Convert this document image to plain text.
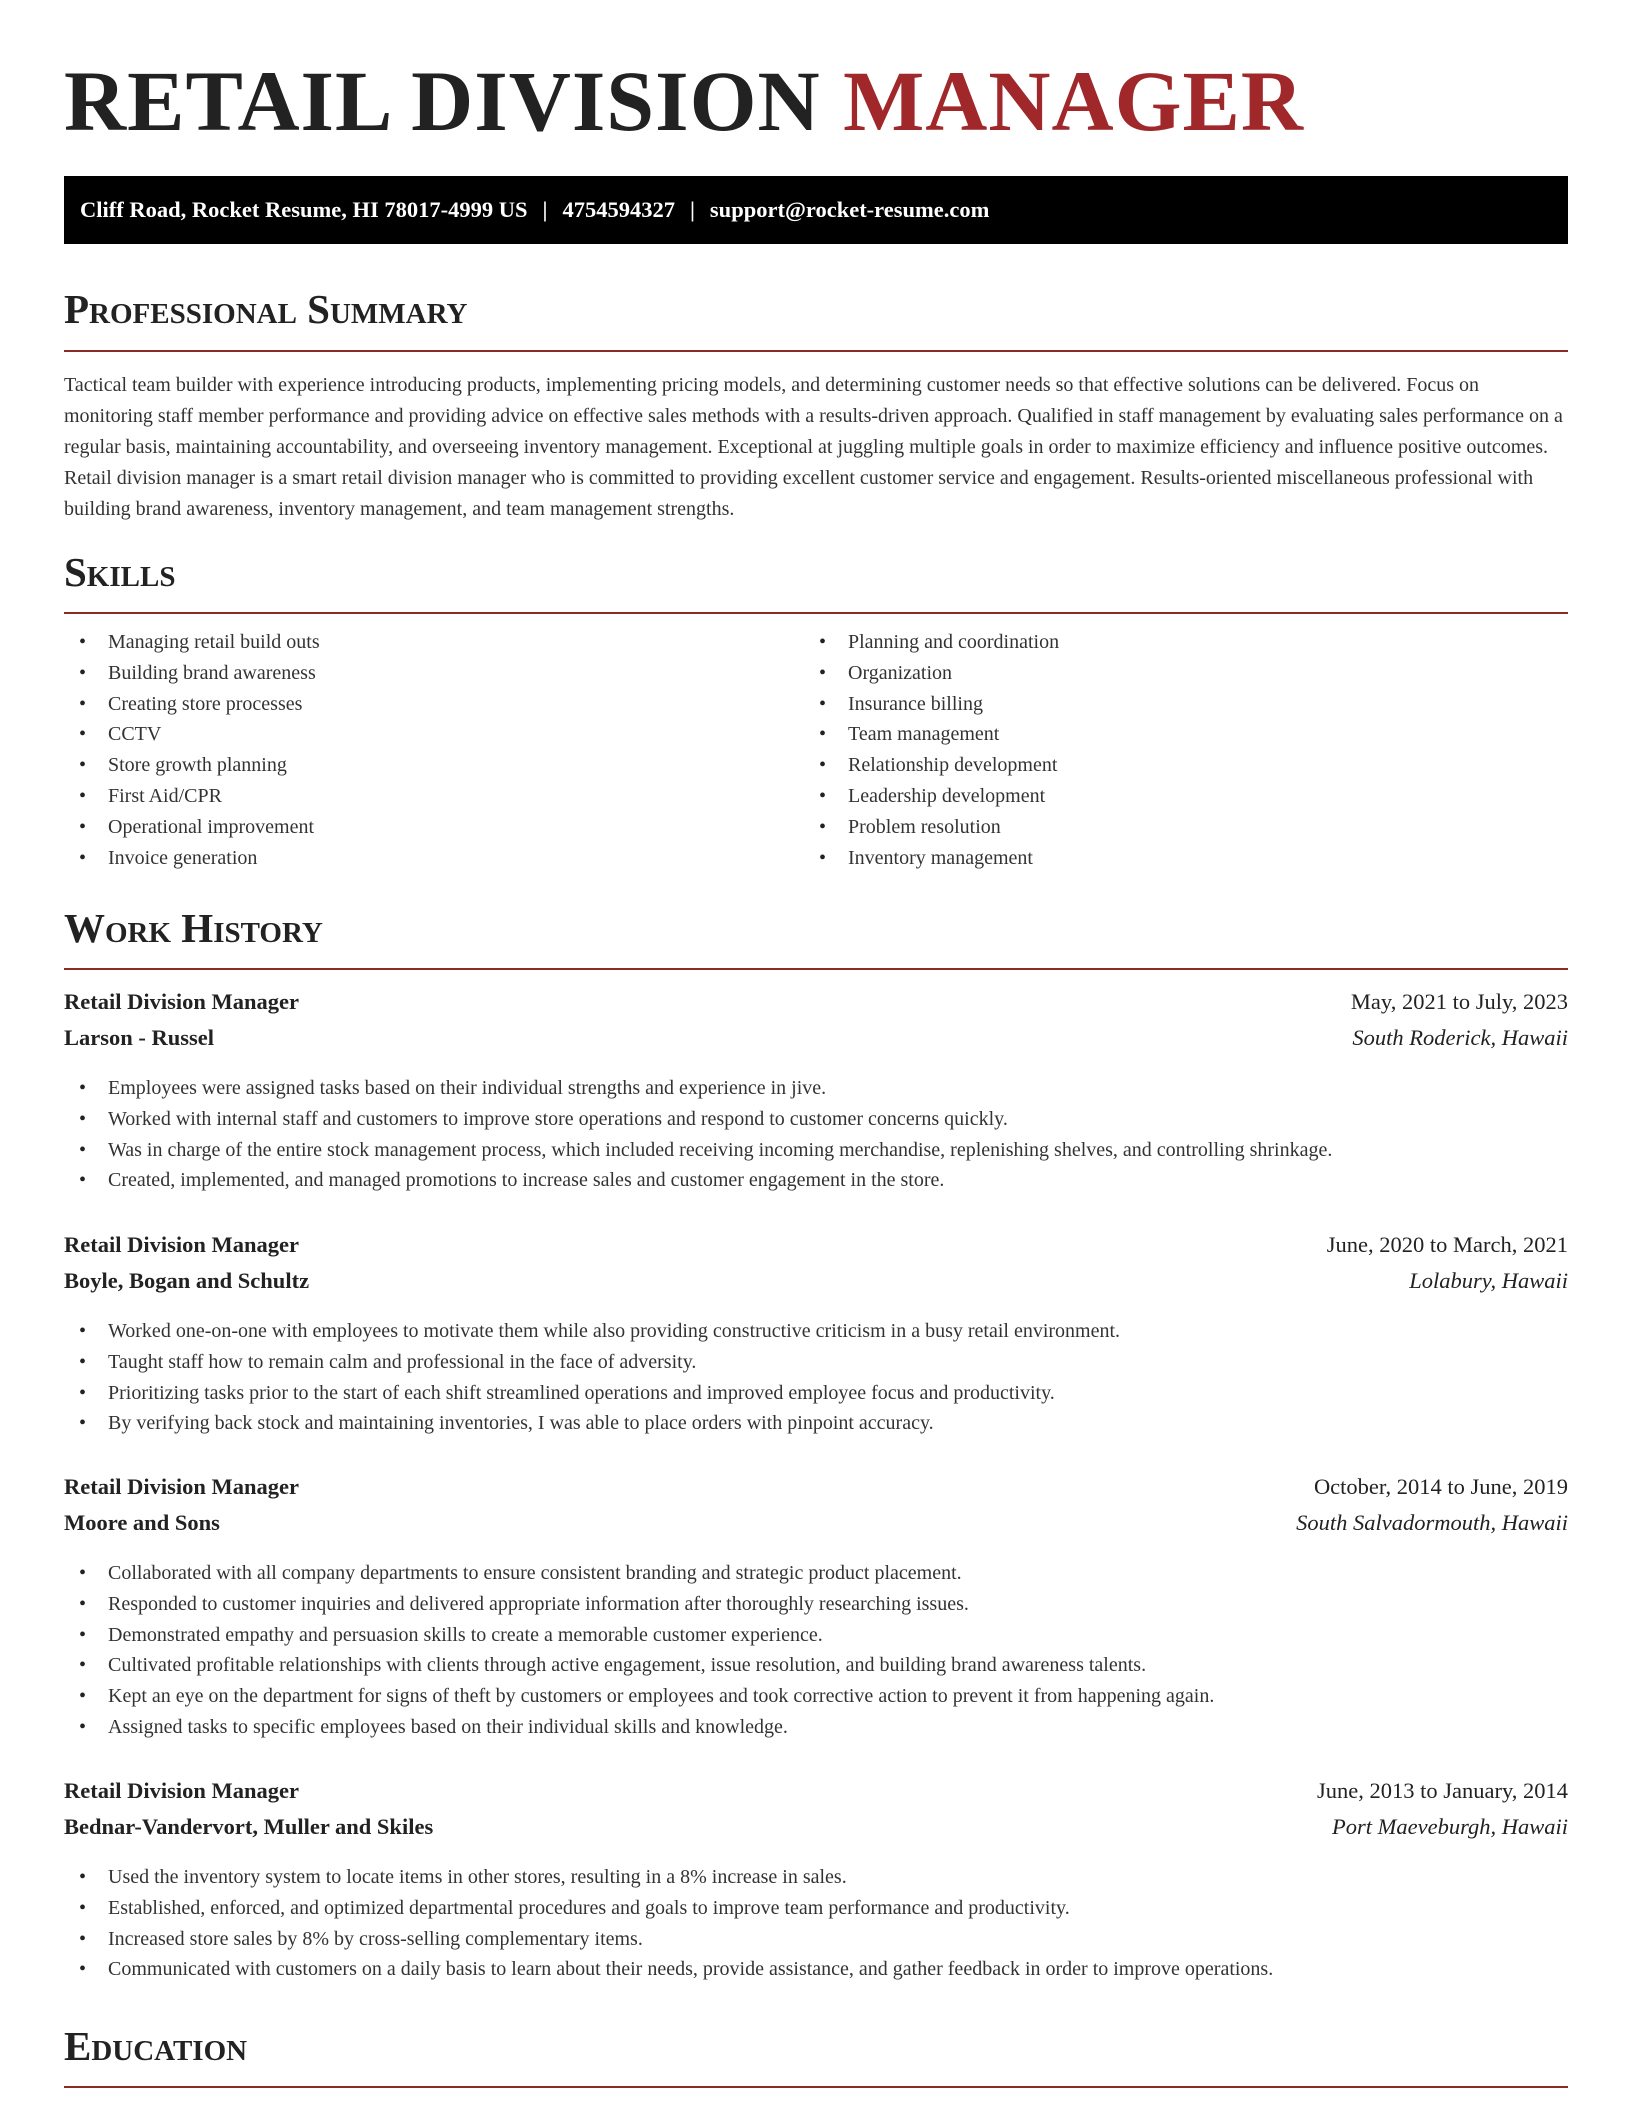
RETAIL DIVISION MANAGER
Cliff Road, Rocket Resume, HI 78017-4999 US | 4754594327 | support@rocket-resume.com
Professional Summary

Tactical team builder with experience introducing products, implementing pricing models, and determining customer needs so that effective solutions can be delivered. Focus on monitoring staff member performance and providing advice on effective sales methods with a results-driven approach. Qualified in staff management by evaluating sales performance on a regular basis, maintaining accountability, and overseeing inventory management. Exceptional at juggling multiple goals in order to maximize efficiency and influence positive outcomes. Retail division manager is a smart retail division manager who is committed to providing excellent customer service and engagement. Results-oriented miscellaneous professional with building brand awareness, inventory management, and team management strengths.

Skills
• Managing retail build outs
• Building brand awareness
• Creating store processes
• CCTV
• Store growth planning
• First Aid/CPR
• Operational improvement
• Invoice generation
• Planning and coordination
• Organization
• Insurance billing
• Team management
• Relationship development
• Leadership development
• Problem resolution
• Inventory management
Work History
Retail Division Manager	May, 2021 to July, 2023
Larson - Russel	South Roderick, Hawaii
• Employees were assigned tasks based on their individual strengths and experience in jive.
• Worked with internal staff and customers to improve store operations and respond to customer concerns quickly.
• Was in charge of the entire stock management process, which included receiving incoming merchandise, replenishing shelves, and controlling shrinkage.
• Created, implemented, and managed promotions to increase sales and customer engagement in the store.
Retail Division Manager	June, 2020 to March, 2021
Boyle, Bogan and Schultz	Lolabury, Hawaii
• Worked one-on-one with employees to motivate them while also providing constructive criticism in a busy retail environment.
• Taught staff how to remain calm and professional in the face of adversity.
• Prioritizing tasks prior to the start of each shift streamlined operations and improved employee focus and productivity.
• By verifying back stock and maintaining inventories, I was able to place orders with pinpoint accuracy.
Retail Division Manager	October, 2014 to June, 2019
Moore and Sons	South Salvadormouth, Hawaii
• Collaborated with all company departments to ensure consistent branding and strategic product placement.
• Responded to customer inquiries and delivered appropriate information after thoroughly researching issues.
• Demonstrated empathy and persuasion skills to create a memorable customer experience.
• Cultivated profitable relationships with clients through active engagement, issue resolution, and building brand awareness talents.
• Kept an eye on the department for signs of theft by customers or employees and took corrective action to prevent it from happening again.
• Assigned tasks to specific employees based on their individual skills and knowledge.
Retail Division Manager	June, 2013 to January, 2014
Bednar-Vandervort, Muller and Skiles	Port Maeveburgh, Hawaii
• Used the inventory system to locate items in other stores, resulting in a 8% increase in sales.
• Established, enforced, and optimized departmental procedures and goals to improve team performance and productivity.
• Increased store sales by 8% by cross-selling complementary items.
• Communicated with customers on a daily basis to learn about their needs, provide assistance, and gather feedback in order to improve operations.
Education
